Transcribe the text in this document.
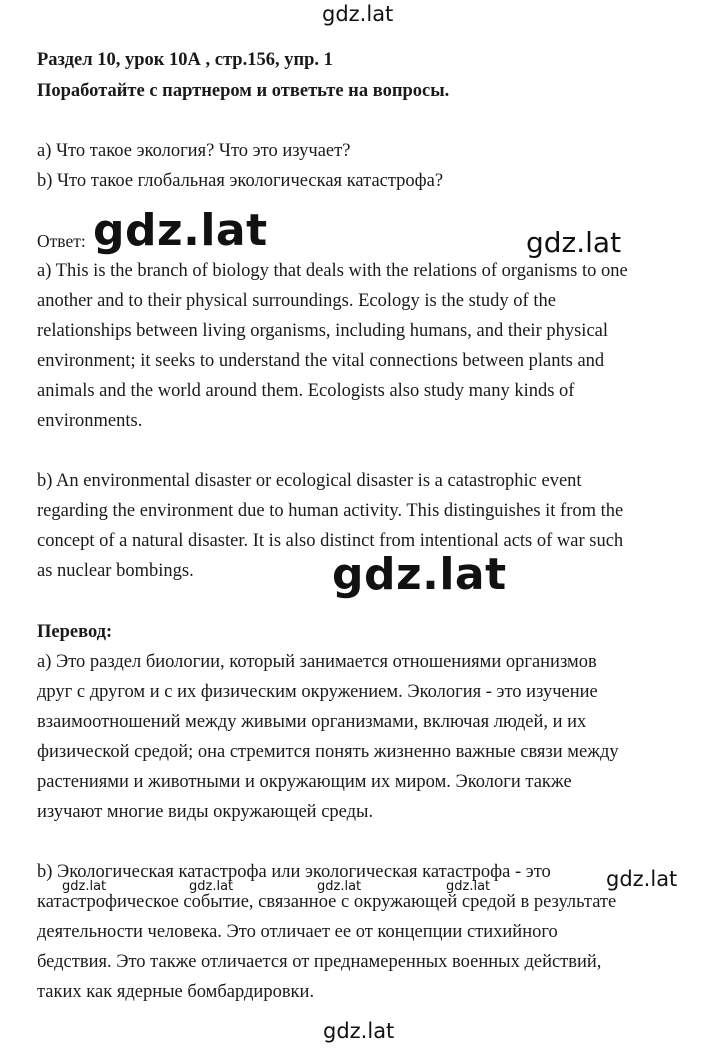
gdz.lat
Раздел 10, урок 10А , стр.156, упр. 1
Поработайте с партнером и ответьте на вопросы.
a) Что такое экология? Что это изучает?
b) Что такое глобальная экологическая катастрофа?
Ответ: gdz.lat	gdz.lat
a) This is the branch of biology that deals with the relations of organisms to one
another and to their physical surroundings. Ecology is the study of the
relationships between living organisms, including humans, and their physical
environment; it seeks to understand the vital connections between plants and
animals and the world around them. Ecologists also study many kinds of
environments.
b) An environmental disaster or ecological disaster is a catastrophic event
regarding the environment due to human activity. This distinguishes it from the
concept of a natural disaster. It is also distinct from intentional acts of war such
as nuclear bombings.	gdz.lat
Перевод:
a) Это раздел биологии, который занимается отношениями организмов
друг с другом и с их физическим окружением. Экология - это изучение
взаимоотношений между живыми организмами, включая людей, и их
физической средой; она стремится понять жизненно важные связи между
растениями и животными и окружающим их миром. Экологи также
изучают многие виды окружающей среды.
b) Экологическая катастрофа или экологическая катастрофа - это	gdz.lat
gdz.lat	gdz.lat	gdz.lat	gdz.lat
катастрофическое событие, связанное с окружающей средой в результате
деятельности человека. Это отличает ее от концепции стихийного
бедствия. Это также отличается от преднамеренных военных действий,
таких как ядерные бомбардировки.
gdz.lat
